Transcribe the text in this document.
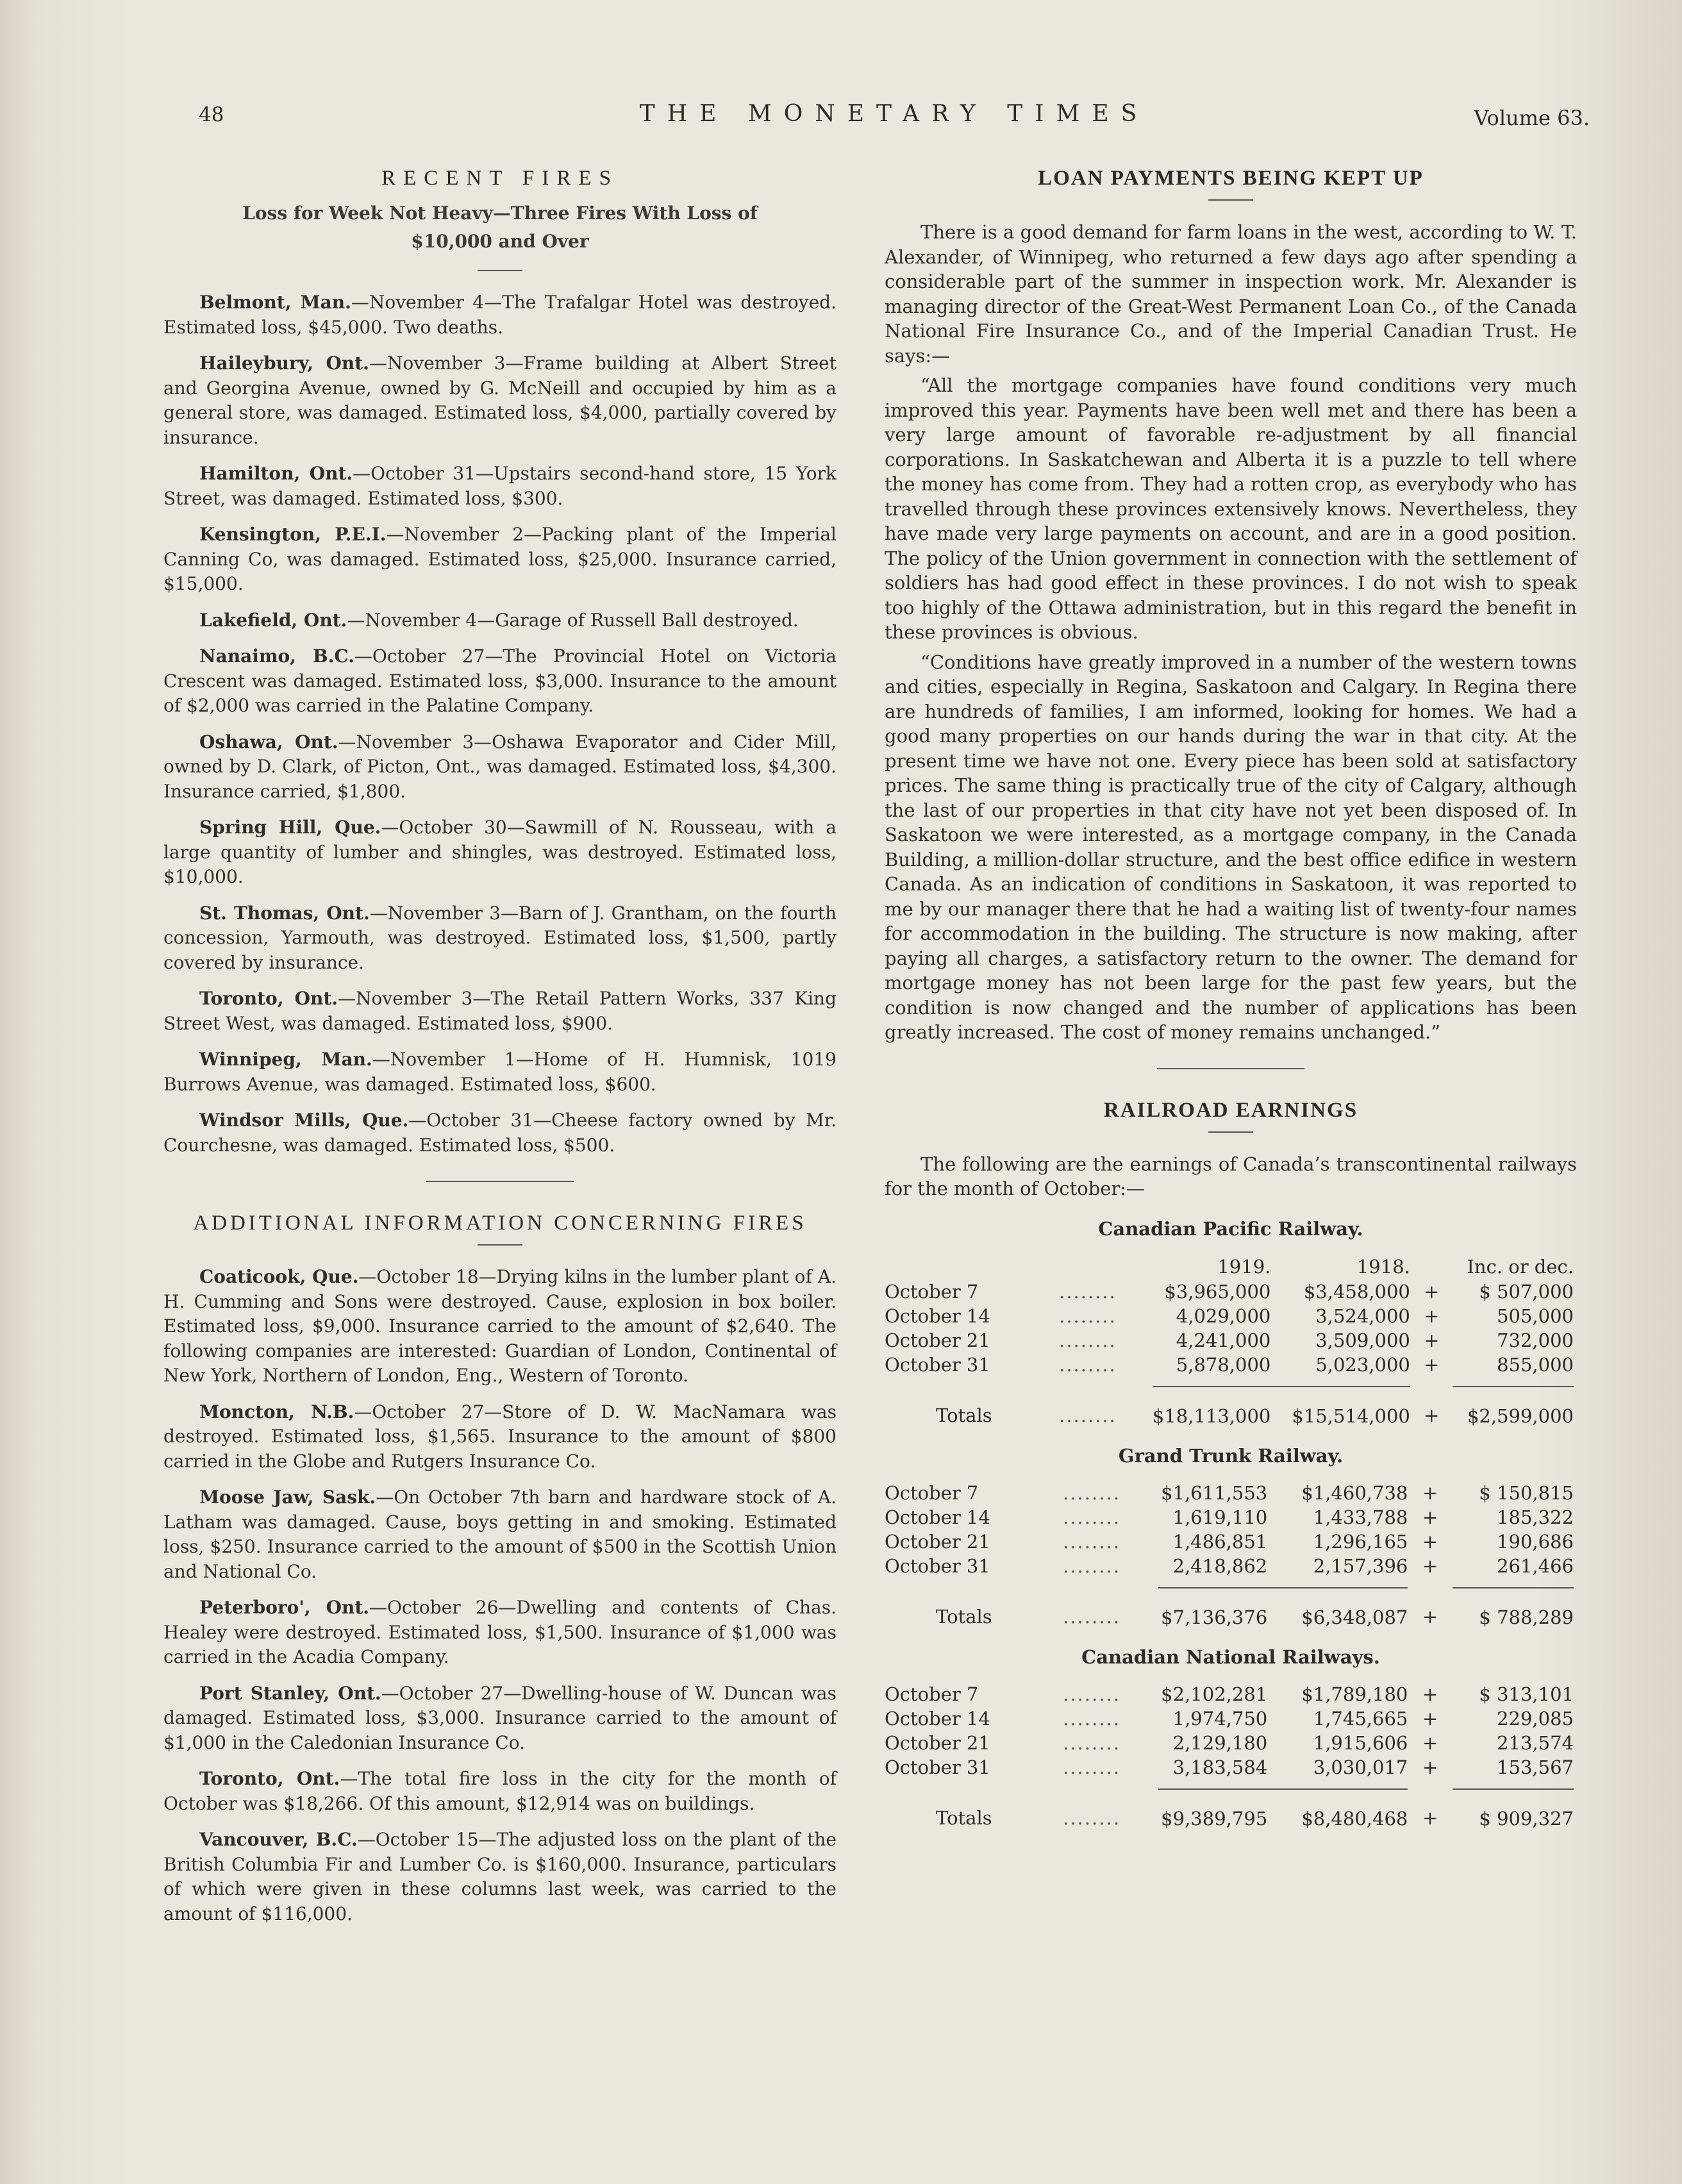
48	THE MONETARY TIMES	Volume 63.
RECENT FIRES
Loss for Week Not Heavy—Three Fires With Loss of $10,000 and Over

Belmont, Man.—November 4—The Trafalgar Hotel was destroyed. Estimated loss, $45,000. Two deaths.

Haileybury, Ont.—November 3—Frame building at Albert Street and Georgina Avenue, owned by G. McNeill and occupied by him as a general store, was damaged. Estimated loss, $4,000, partially covered by insurance.

Hamilton, Ont.—October 31—Upstairs second-hand store, 15 York Street, was damaged. Estimated loss, $300.

Kensington, P.E.I.—November 2—Packing plant of the Imperial Canning Co, was damaged. Estimated loss, $25,000. Insurance carried, $15,000.

Lakefield, Ont.—November 4—Garage of Russell Ball destroyed.

Nanaimo, B.C.—October 27—The Provincial Hotel on Victoria Crescent was damaged. Estimated loss, $3,000. Insurance to the amount of $2,000 was carried in the Palatine Company.

Oshawa, Ont.—November 3—Oshawa Evaporator and Cider Mill, owned by D. Clark, of Picton, Ont., was damaged. Estimated loss, $4,300. Insurance carried, $1,800.

Spring Hill, Que.—October 30—Sawmill of N. Rousseau, with a large quantity of lumber and shingles, was destroyed. Estimated loss, $10,000.

St. Thomas, Ont.—November 3—Barn of J. Grantham, on the fourth concession, Yarmouth, was destroyed. Estimated loss, $1,500, partly covered by insurance.

Toronto, Ont.—November 3—The Retail Pattern Works, 337 King Street West, was damaged. Estimated loss, $900.

Winnipeg, Man.—November 1—Home of H. Humnisk, 1019 Burrows Avenue, was damaged. Estimated loss, $600.

Windsor Mills, Que.—October 31—Cheese factory owned by Mr. Courchesne, was damaged. Estimated loss, $500.

ADDITIONAL INFORMATION CONCERNING FIRES

Coaticook, Que.—October 18—Drying kilns in the lumber plant of A. H. Cumming and Sons were destroyed. Cause, explosion in box boiler. Estimated loss, $9,000. Insurance carried to the amount of $2,640. The following companies are interested: Guardian of London, Continental of New York, Northern of London, Eng., Western of Toronto.

Moncton, N.B.—October 27—Store of D. W. MacNamara was destroyed. Estimated loss, $1,565. Insurance to the amount of $800 carried in the Globe and Rutgers Insurance Co.

Moose Jaw, Sask.—On October 7th barn and hardware stock of A. Latham was damaged. Cause, boys getting in and smoking. Estimated loss, $250. Insurance carried to the amount of $500 in the Scottish Union and National Co.

Peterboro', Ont.—October 26—Dwelling and contents of Chas. Healey were destroyed. Estimated loss, $1,500. Insurance of $1,000 was carried in the Acadia Company.

Port Stanley, Ont.—October 27—Dwelling-house of W. Duncan was damaged. Estimated loss, $3,000. Insurance carried to the amount of $1,000 in the Caledonian Insurance Co.

Toronto, Ont.—The total fire loss in the city for the month of October was $18,266. Of this amount, $12,914 was on buildings.

Vancouver, B.C.—October 15—The adjusted loss on the plant of the British Columbia Fir and Lumber Co. is $160,000. Insurance, particulars of which were given in these columns last week, was carried to the amount of $116,000.

LOAN PAYMENTS BEING KEPT UP

There is a good demand for farm loans in the west, according to W. T. Alexander, of Winnipeg, who returned a few days ago after spending a considerable part of the summer in inspection work. Mr. Alexander is managing director of the Great-West Permanent Loan Co., of the Canada National Fire Insurance Co., and of the Imperial Canadian Trust. He says:—

“All the mortgage companies have found conditions very much improved this year. Payments have been well met and there has been a very large amount of favorable re-adjustment by all financial corporations. In Saskatchewan and Alberta it is a puzzle to tell where the money has come from. They had a rotten crop, as everybody who has travelled through these provinces extensively knows. Nevertheless, they have made very large payments on account, and are in a good position. The policy of the Union government in connection with the settlement of soldiers has had good effect in these provinces. I do not wish to speak too highly of the Ottawa administration, but in this regard the benefit in these provinces is obvious.

“Conditions have greatly improved in a number of the western towns and cities, especially in Regina, Saskatoon and Calgary. In Regina there are hundreds of families, I am informed, looking for homes. We had a good many properties on our hands during the war in that city. At the present time we have not one. Every piece has been sold at satisfactory prices. The same thing is practically true of the city of Calgary, although the last of our properties in that city have not yet been disposed of. In Saskatoon we were interested, as a mortgage company, in the Canada Building, a million-dollar structure, and the best office edifice in western Canada. As an indication of conditions in Saskatoon, it was reported to me by our manager there that he had a waiting list of twenty-four names for accommodation in the building. The structure is now making, after paying all charges, a satisfactory return to the owner. The demand for mortgage money has not been large for the past few years, but the condition is now changed and the number of applications has been greatly increased. The cost of money remains unchanged.”

RAILROAD EARNINGS

The following are the earnings of Canada’s transcontinental railways for the month of October:—

Canadian Pacific Railway.
		1919.	1918.	Inc. or dec.	
October 7	........	$3,965,000	$3,458,000	+	$ 507,000
October 14	........	4,029,000	3,524,000	+	505,000
October 21	........	4,241,000	3,509,000	+	732,000
October 31	........	5,878,000	5,023,000	+	855,000

Totals	........	$18,113,000	$15,514,000	+	$2,599,000
Grand Trunk Railway.
October 7	........	$1,611,553	$1,460,738	+	$ 150,815
October 14	........	1,619,110	1,433,788	+	185,322
October 21	........	1,486,851	1,296,165	+	190,686
October 31	........	2,418,862	2,157,396	+	261,466

Totals	........	$7,136,376	$6,348,087	+	$ 788,289
Canadian National Railways.
October 7	........	$2,102,281	$1,789,180	+	$ 313,101
October 14	........	1,974,750	1,745,665	+	229,085
October 21	........	2,129,180	1,915,606	+	213,574
October 31	........	3,183,584	3,030,017	+	153,567

Totals	........	$9,389,795	$8,480,468	+	$ 909,327
